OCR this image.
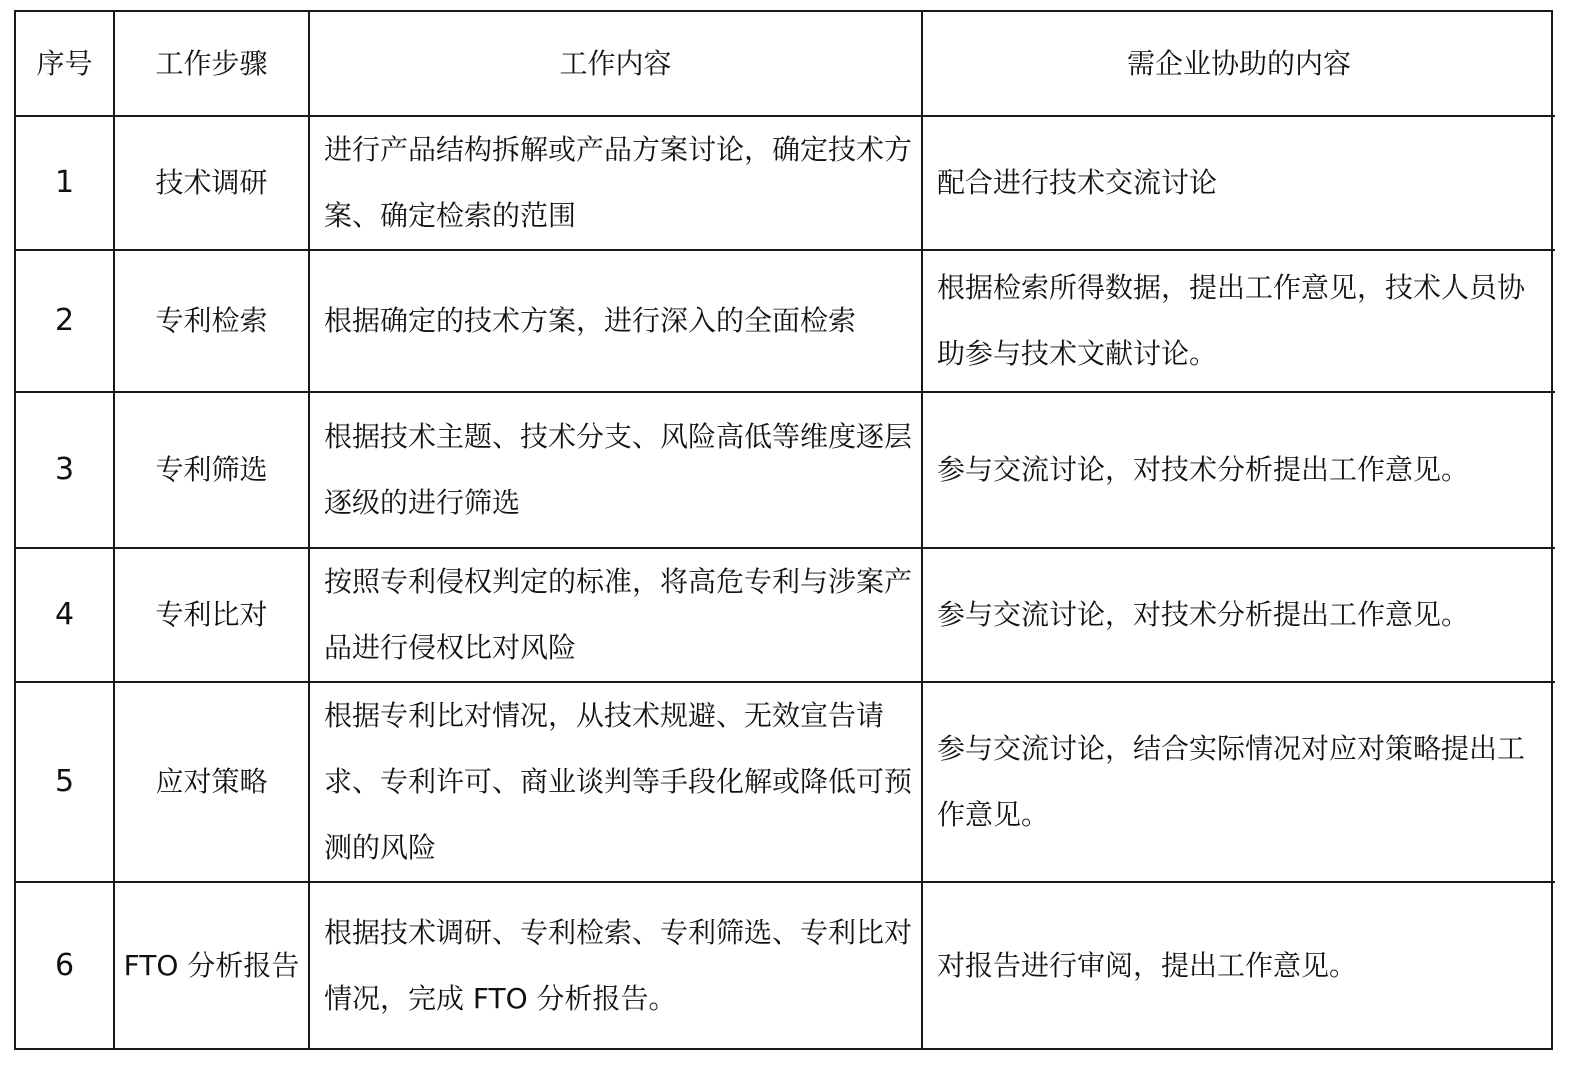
序号	工作步骤	工作内容	需企业协助的内容
1	技术调研	进行产品结构拆解或产品方案讨论，确定技术方案、确定检索的范围	配合进行技术交流讨论
2	专利检索	根据确定的技术方案，进行深入的全面检索	根据检索所得数据，提出工作意见，技术人员协助参与技术文献讨论。
3	专利筛选	根据技术主题、技术分支、风险高低等维度逐层逐级的进行筛选	参与交流讨论，对技术分析提出工作意见。
4	专利比对	按照专利侵权判定的标准，将高危专利与涉案产品进行侵权比对风险	参与交流讨论，对技术分析提出工作意见。
5	应对策略	根据专利比对情况，从技术规避、无效宣告请求、专利许可、商业谈判等手段化解或降低可预测的风险	参与交流讨论，结合实际情况对应对策略提出工作意见。
6	FTO 分析报告	根据技术调研、专利检索、专利筛选、专利比对情况，完成 FTO 分析报告。	对报告进行审阅，提出工作意见。
